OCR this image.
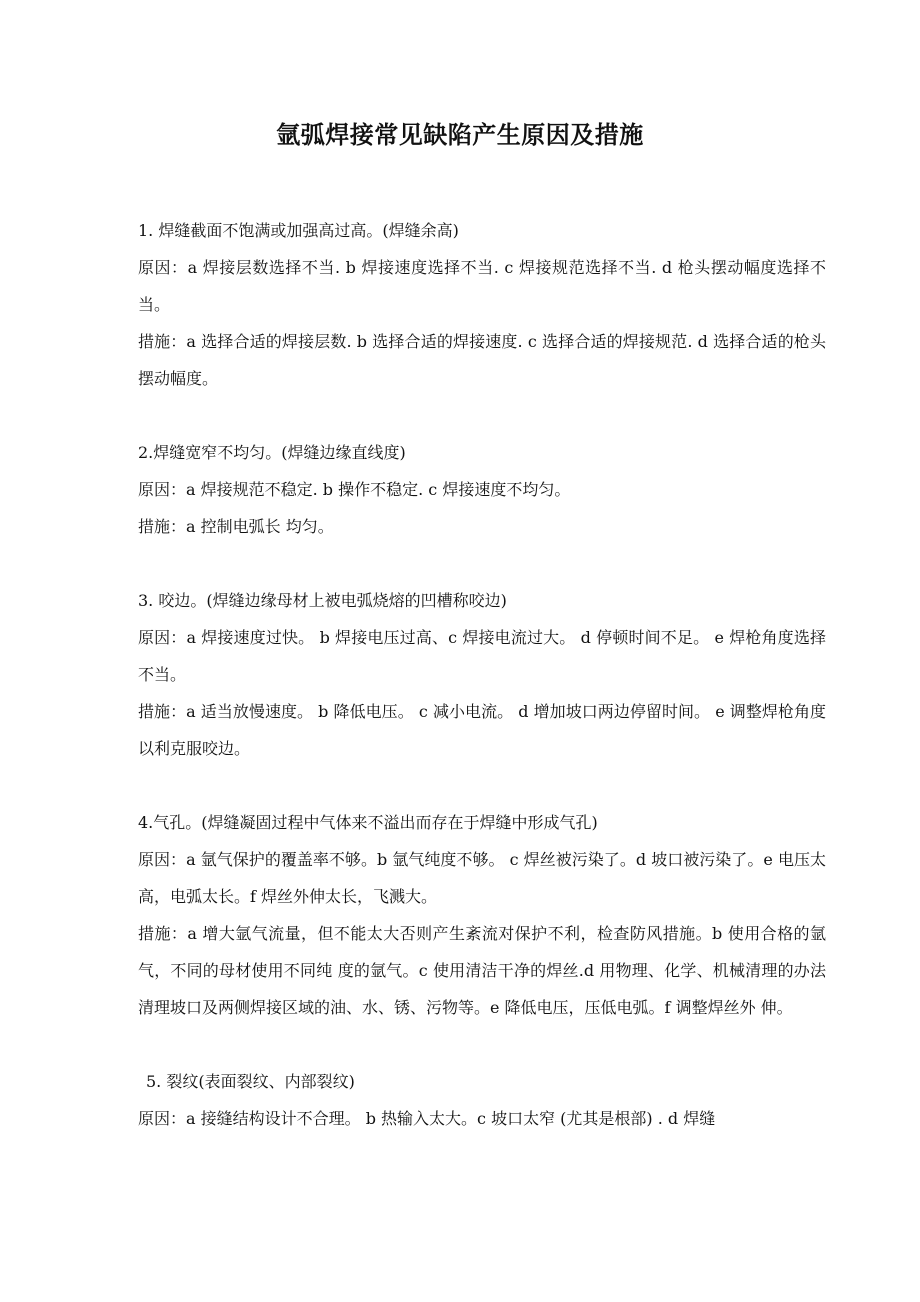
氩弧焊接常见缺陷产生原因及措施
1. 焊缝截面不饱满或加强高过高。(焊缝余高)
原因：a 焊接层数选择不当. b 焊接速度选择不当. c 焊接规范选择不当. d 枪头摆动幅度选择不当。
措施：a 选择合适的焊接层数. b 选择合适的焊接速度. c 选择合适的焊接规范. d 选择合适的枪头摆动幅度。
2.焊缝宽窄不均匀。(焊缝边缘直线度)
原因：a 焊接规范不稳定. b 操作不稳定. c 焊接速度不均匀。
措施：a 控制电弧长 均匀。
3. 咬边。(焊缝边缘母材上被电弧烧熔的凹槽称咬边)
原因：a 焊接速度过快。 b 焊接电压过高、c 焊接电流过大。 d 停顿时间不足。 e 焊枪角度选择不当。
措施：a 适当放慢速度。 b 降低电压。 c 减小电流。 d 增加坡口两边停留时间。 e 调整焊枪角度以利克服咬边。
4.气孔。(焊缝凝固过程中气体来不溢出而存在于焊缝中形成气孔)
原因：a 氩气保护的覆盖率不够。b 氩气纯度不够。 c 焊丝被污染了。d 坡口被污染了。e 电压太高，电弧太长。f 焊丝外伸太长，飞溅大。
措施：a 增大氩气流量，但不能太大否则产生紊流对保护不利，检查防风措施。b 使用合格的氩气，不同的母材使用不同纯 度的氩气。c 使用清洁干净的焊丝.d 用物理、化学、机械清理的办法清理坡口及两侧焊接区域的油、水、锈、污物等。e 降低电压，压低电弧。f 调整焊丝外 伸。
5. 裂纹(表面裂纹、内部裂纹)
原因：a 接缝结构设计不合理。 b 热输入太大。c 坡口太窄 (尤其是根部) . d 焊缝
